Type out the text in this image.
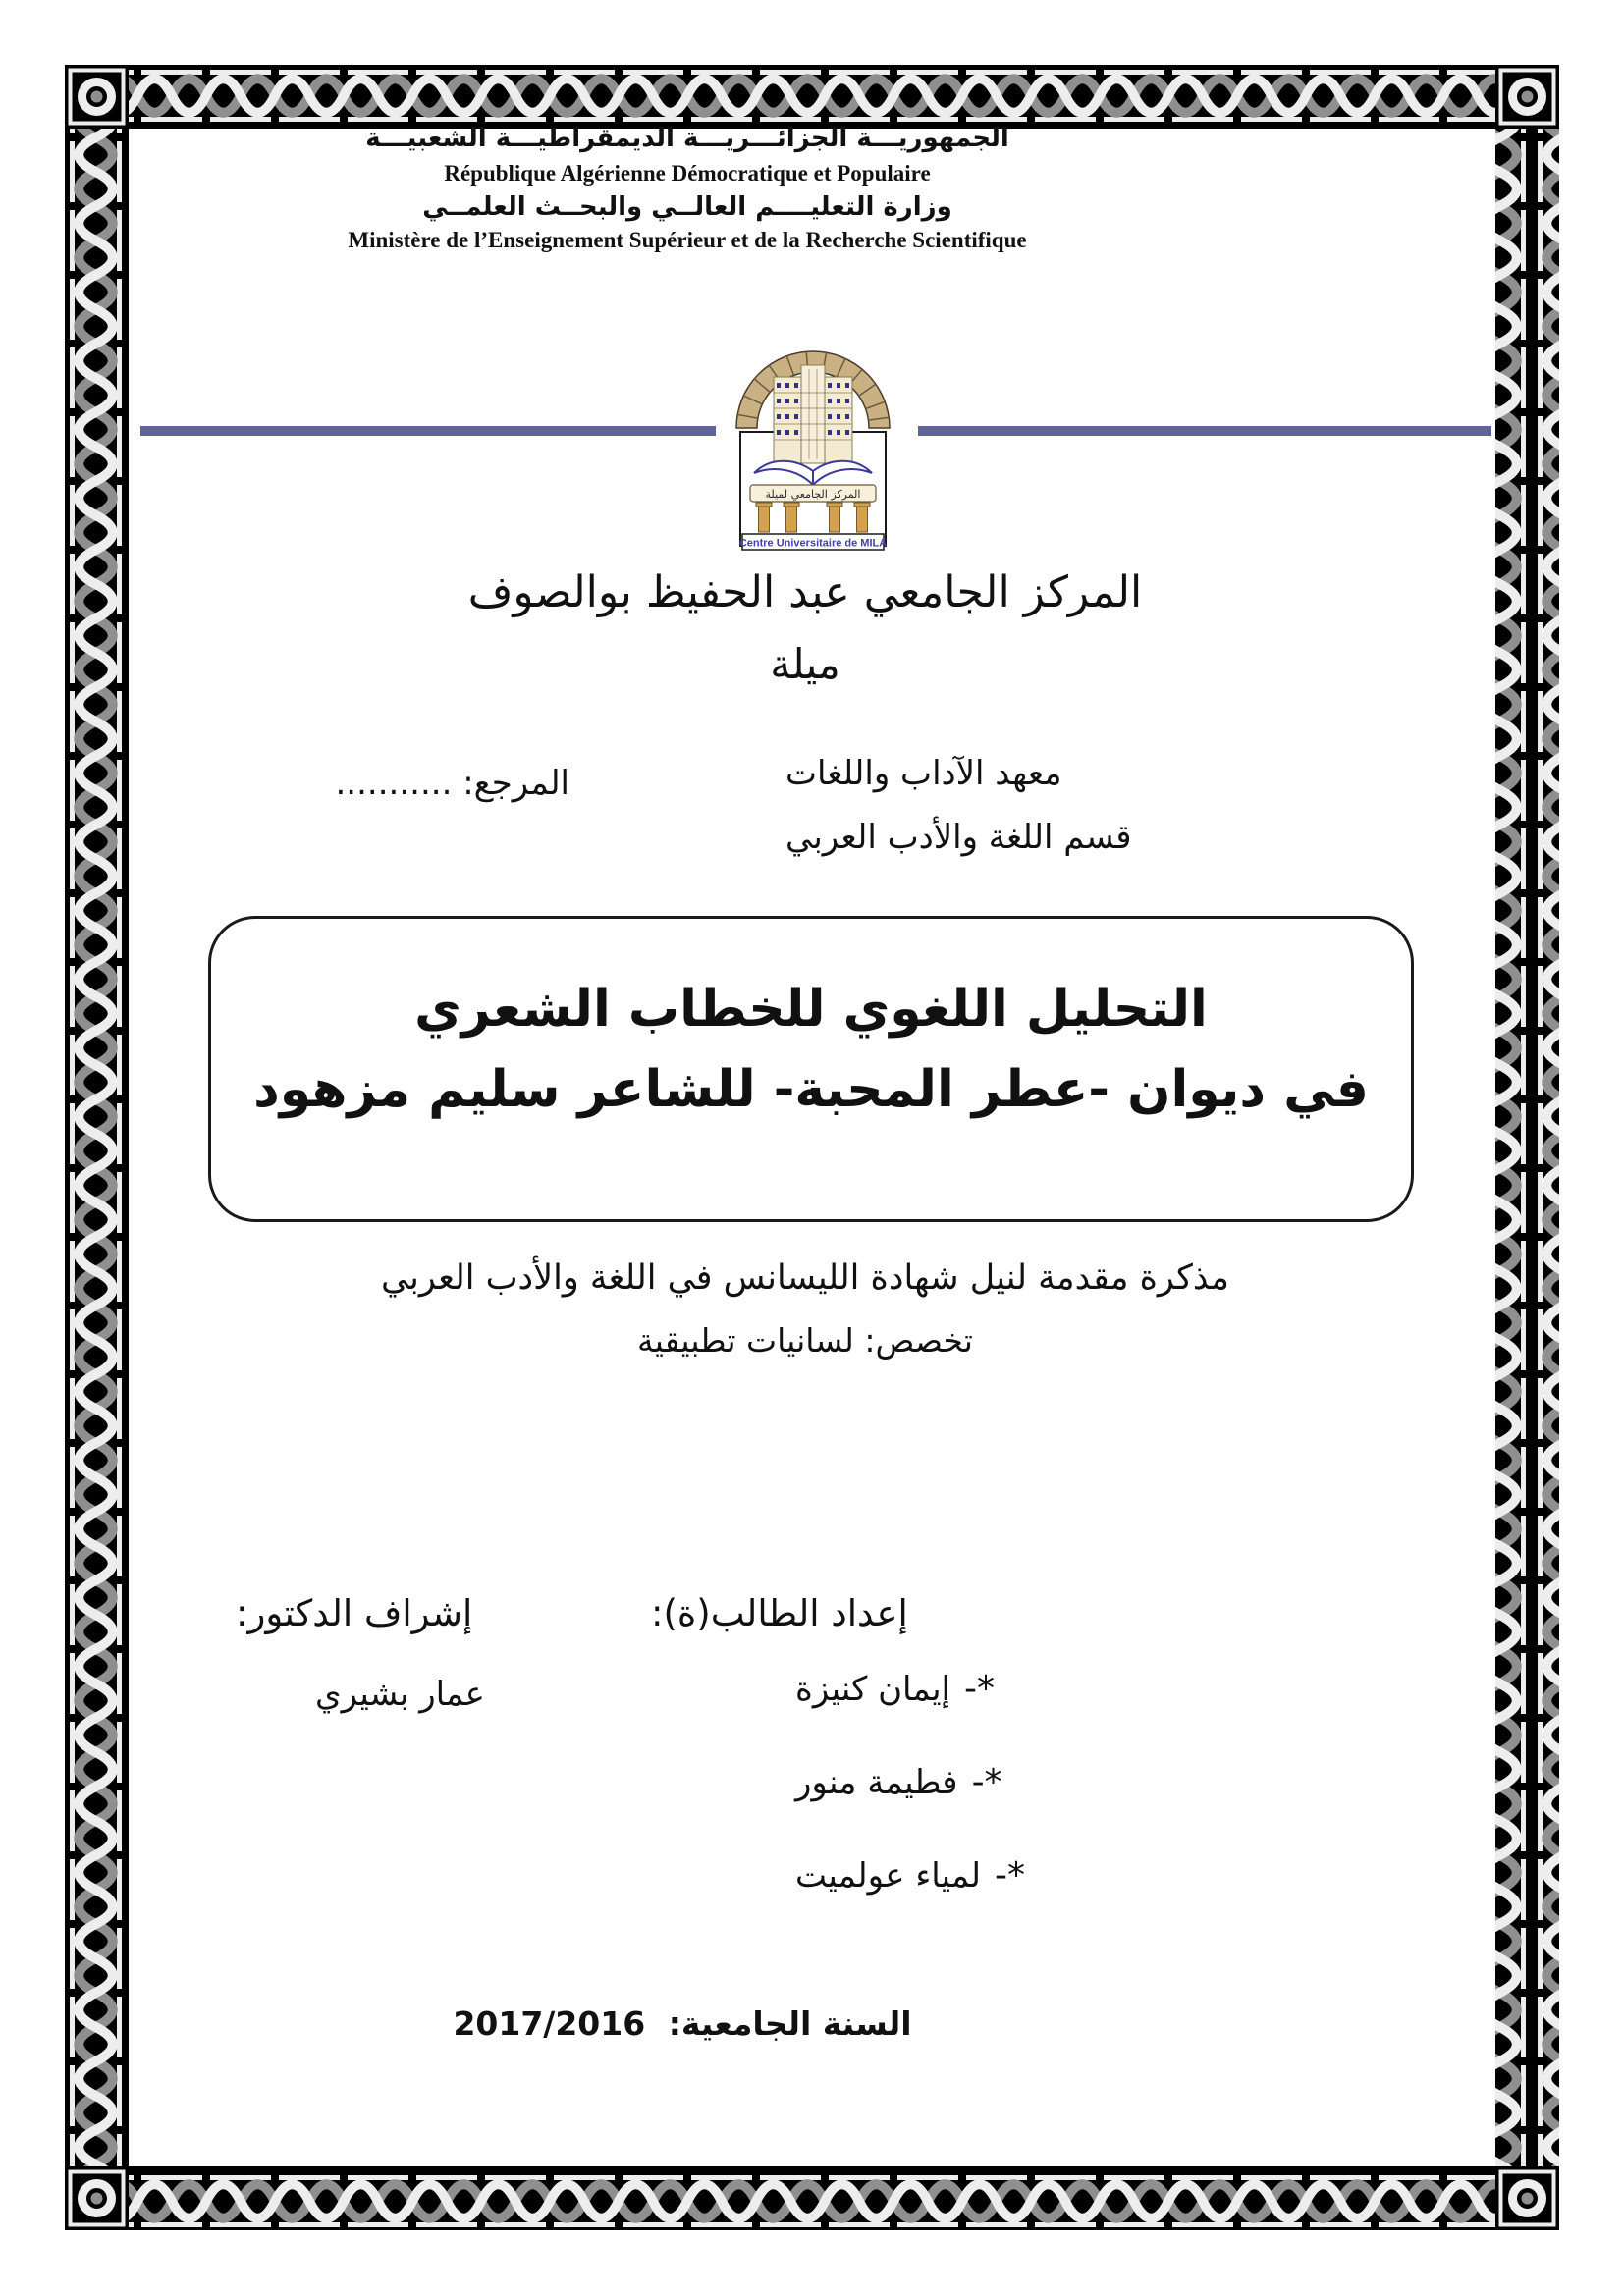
الجمهوريـــة الجزائـــريـــة الديمقراطيـــة الشعبيـــة
République Algérienne Démocratique et Populaire
وزارة التعليــــم العالــي والبحــث العلمــي
Ministère de l’Enseignement Supérieur et de la Recherche Scientifique
المركز الجامعي لميلة
Centre Universitaire de MILA
المركز الجامعي عبد الحفيظ بوالصوف
ميلة
معهد الآداب واللغات
قسم اللغة والأدب العربي
المرجع: ...........
التحليل اللغوي للخطاب الشعري
في ديوان -عطر المحبة- للشاعر سليم مزهود
مذكرة مقدمة لنيل شهادة الليسانس في اللغة والأدب العربي
تخصص: لسانيات تطبيقية
إعداد الطالب(ة):
*-إيمان كنيزة
*-فطيمة منور
*-لمياء عولميت
إشراف الدكتور:
عمار بشيري
السنة الجامعية: 2017/2016
